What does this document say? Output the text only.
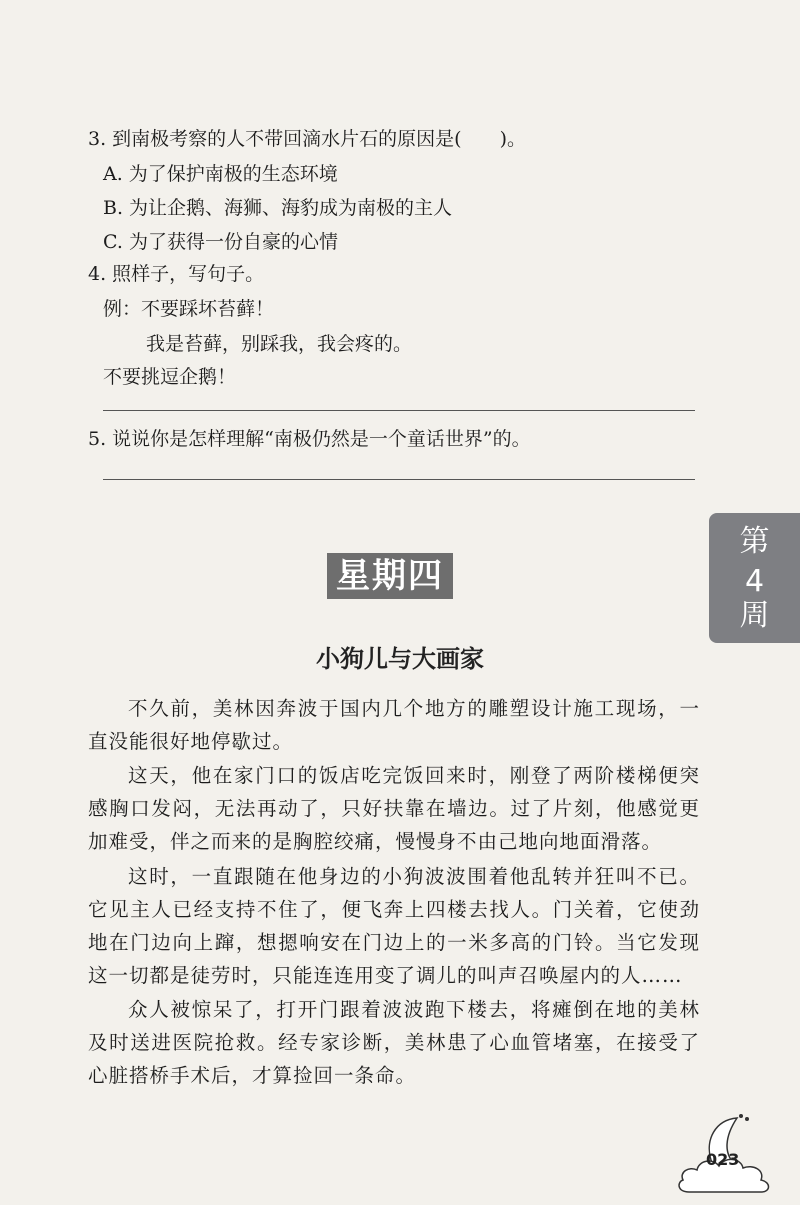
3. 到南极考察的人不带回滴水片石的原因是(　　)。
A. 为了保护南极的生态环境
B. 为让企鹅、海狮、海豹成为南极的主人
C. 为了获得一份自豪的心情
4. 照样子，写句子。
例：不要踩坏苔藓！
我是苔藓，别踩我，我会疼的。
不要挑逗企鹅！
5. 说说你是怎样理解“南极仍然是一个童话世界”的。
第
4
周
星期四
小狗儿与大画家
不久前，美林因奔波于国内几个地方的雕塑设计施工现场，一直没能很好地停歇过。
这天，他在家门口的饭店吃完饭回来时，刚登了两阶楼梯便突感胸口发闷，无法再动了，只好扶靠在墙边。过了片刻，他感觉更加难受，伴之而来的是胸腔绞痛，慢慢身不由己地向地面滑落。
这时，一直跟随在他身边的小狗波波围着他乱转并狂叫不已。它见主人已经支持不住了，便飞奔上四楼去找人。门关着，它使劲地在门边向上蹿，想摁响安在门边上的一米多高的门铃。当它发现这一切都是徒劳时，只能连连用变了调儿的叫声召唤屋内的人……
众人被惊呆了，打开门跟着波波跑下楼去，将瘫倒在地的美林及时送进医院抢救。经专家诊断，美林患了心血管堵塞，在接受了心脏搭桥手术后，才算捡回一条命。
023
